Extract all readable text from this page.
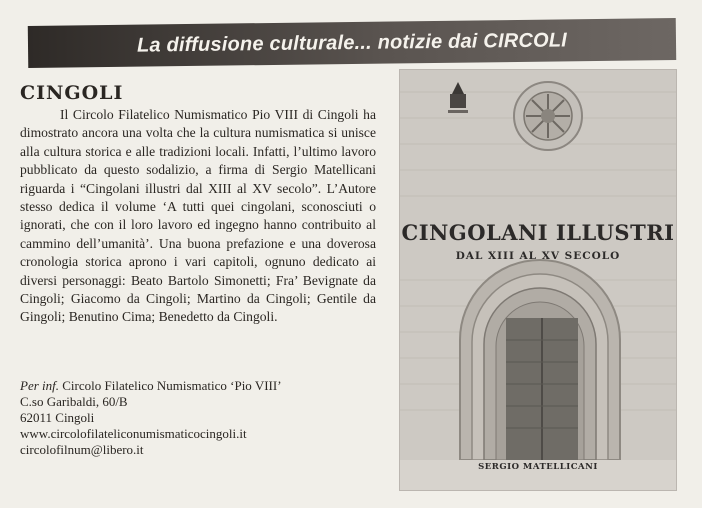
La diffusione culturale... notizie dai CIRCOLI
CINGOLI

Il Circolo Filatelico Numismatico Pio VIII di Cingoli ha dimostrato ancora una volta che la cultura numismatica si unisce alla cultura storica e alle tradizioni locali. Infatti, l’ultimo lavoro pubblicato da questo sodalizio, a firma di Sergio Matellicani riguarda i “Cingolani illustri dal XIII al XV secolo”. L’Autore stesso dedica il volume ‘A tutti quei cingolani, sconosciuti o ignorati, che con il loro lavoro ed ingegno hanno contribuito al cammino dell’umanità’. Una buona prefazione e una doverosa cronologia storica aprono i vari capitoli, ognuno dedicato ai diversi personaggi: Beato Bartolo Simonetti; Fra’ Bevignate da Cingoli; Giacomo da Cingoli; Martino da Cingoli; Gentile da Gingoli; Benutino Cima; Benedetto da Cingoli.

Per inf. Circolo Filatelico Numismatico ‘Pio VIII’
C.so Garibaldi, 60/B
62011 Cingoli
www.circolofilateliconumismaticocingoli.it
circolofilnum@libero.it
CINGOLANI ILLUSTRI
DAL XIII AL XV SECOLO
SERGIO MATELLICANI
